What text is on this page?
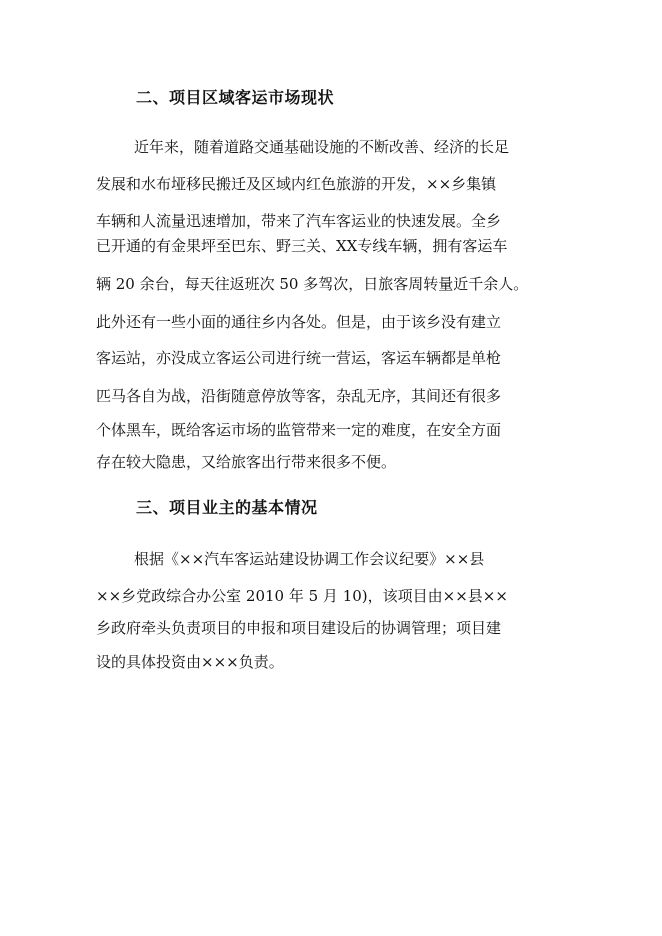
二、项目区域客运市场现状
近年来，随着道路交通基础设施的不断改善、经济的长足
发展和水布垭移民搬迁及区域内红色旅游的开发，××乡集镇
车辆和人流量迅速增加，带来了汽车客运业的快速发展。全乡
已开通的有金果坪至巴东、野三关、XX专线车辆，拥有客运车
辆 20 余台，每天往返班次 50 多驾次，日旅客周转量近千余人。
此外还有一些小面的通往乡内各处。但是，由于该乡没有建立
客运站，亦没成立客运公司进行统一营运，客运车辆都是单枪
匹马各自为战，沿街随意停放等客，杂乱无序，其间还有很多
个体黑车，既给客运市场的监管带来一定的难度，在安全方面
存在较大隐患，又给旅客出行带来很多不便。
三、项目业主的基本情况
根据《××汽车客运站建设协调工作会议纪要》××县
××乡党政综合办公室 2010 年 5 月 10)，该项目由××县××
乡政府牵头负责项目的申报和项目建设后的协调管理；项目建
设的具体投资由×××负责。
